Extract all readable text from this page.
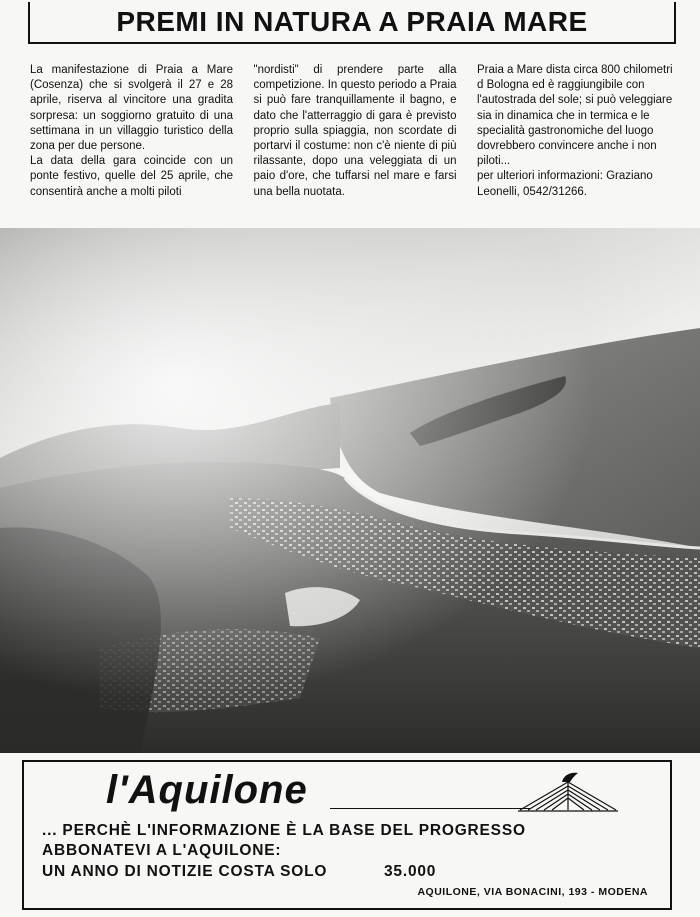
PREMI IN NATURA A PRAIA MARE

La manifestazione di Praia a Mare (Cosenza) che si svolgerà il 27 e 28 aprile, riserva al vincitore una gradita sorpresa: un soggiorno gratuito di una settimana in un villaggio turistico della zona per due persone.

La data della gara coincide con un ponte festivo, quelle del 25 aprile, che consentirà anche a molti piloti

"nordisti" di prendere parte alla competizione. In questo periodo a Praia si può fare tranquillamente il bagno, e dato che l'atterraggio di gara è previsto proprio sulla spiaggia, non scordate di portarvi il costume: non c'è niente di più rilassante, dopo una veleggiata di un paio d'ore, che tuffarsi nel mare e farsi una bella nuotata.

Praia a Mare dista circa 800 chilometri d Bologna ed è raggiungibile con l'autostrada del sole; si può veleggiare sia in dinamica che in termica e le specialità gastronomiche del luogo dovrebbero convincere anche i non piloti...

per ulteriori informazioni: Graziano Leonelli, 0542/31266.

l'Aquilone
... PERCHÈ L'INFORMAZIONE È LA BASE DEL PROGRESSO
ABBONATEVI A L'AQUILONE:
UN ANNO DI NOTIZIE COSTA SOLO	35.000
AQUILONE, VIA BONACINI, 193 - MODENA
